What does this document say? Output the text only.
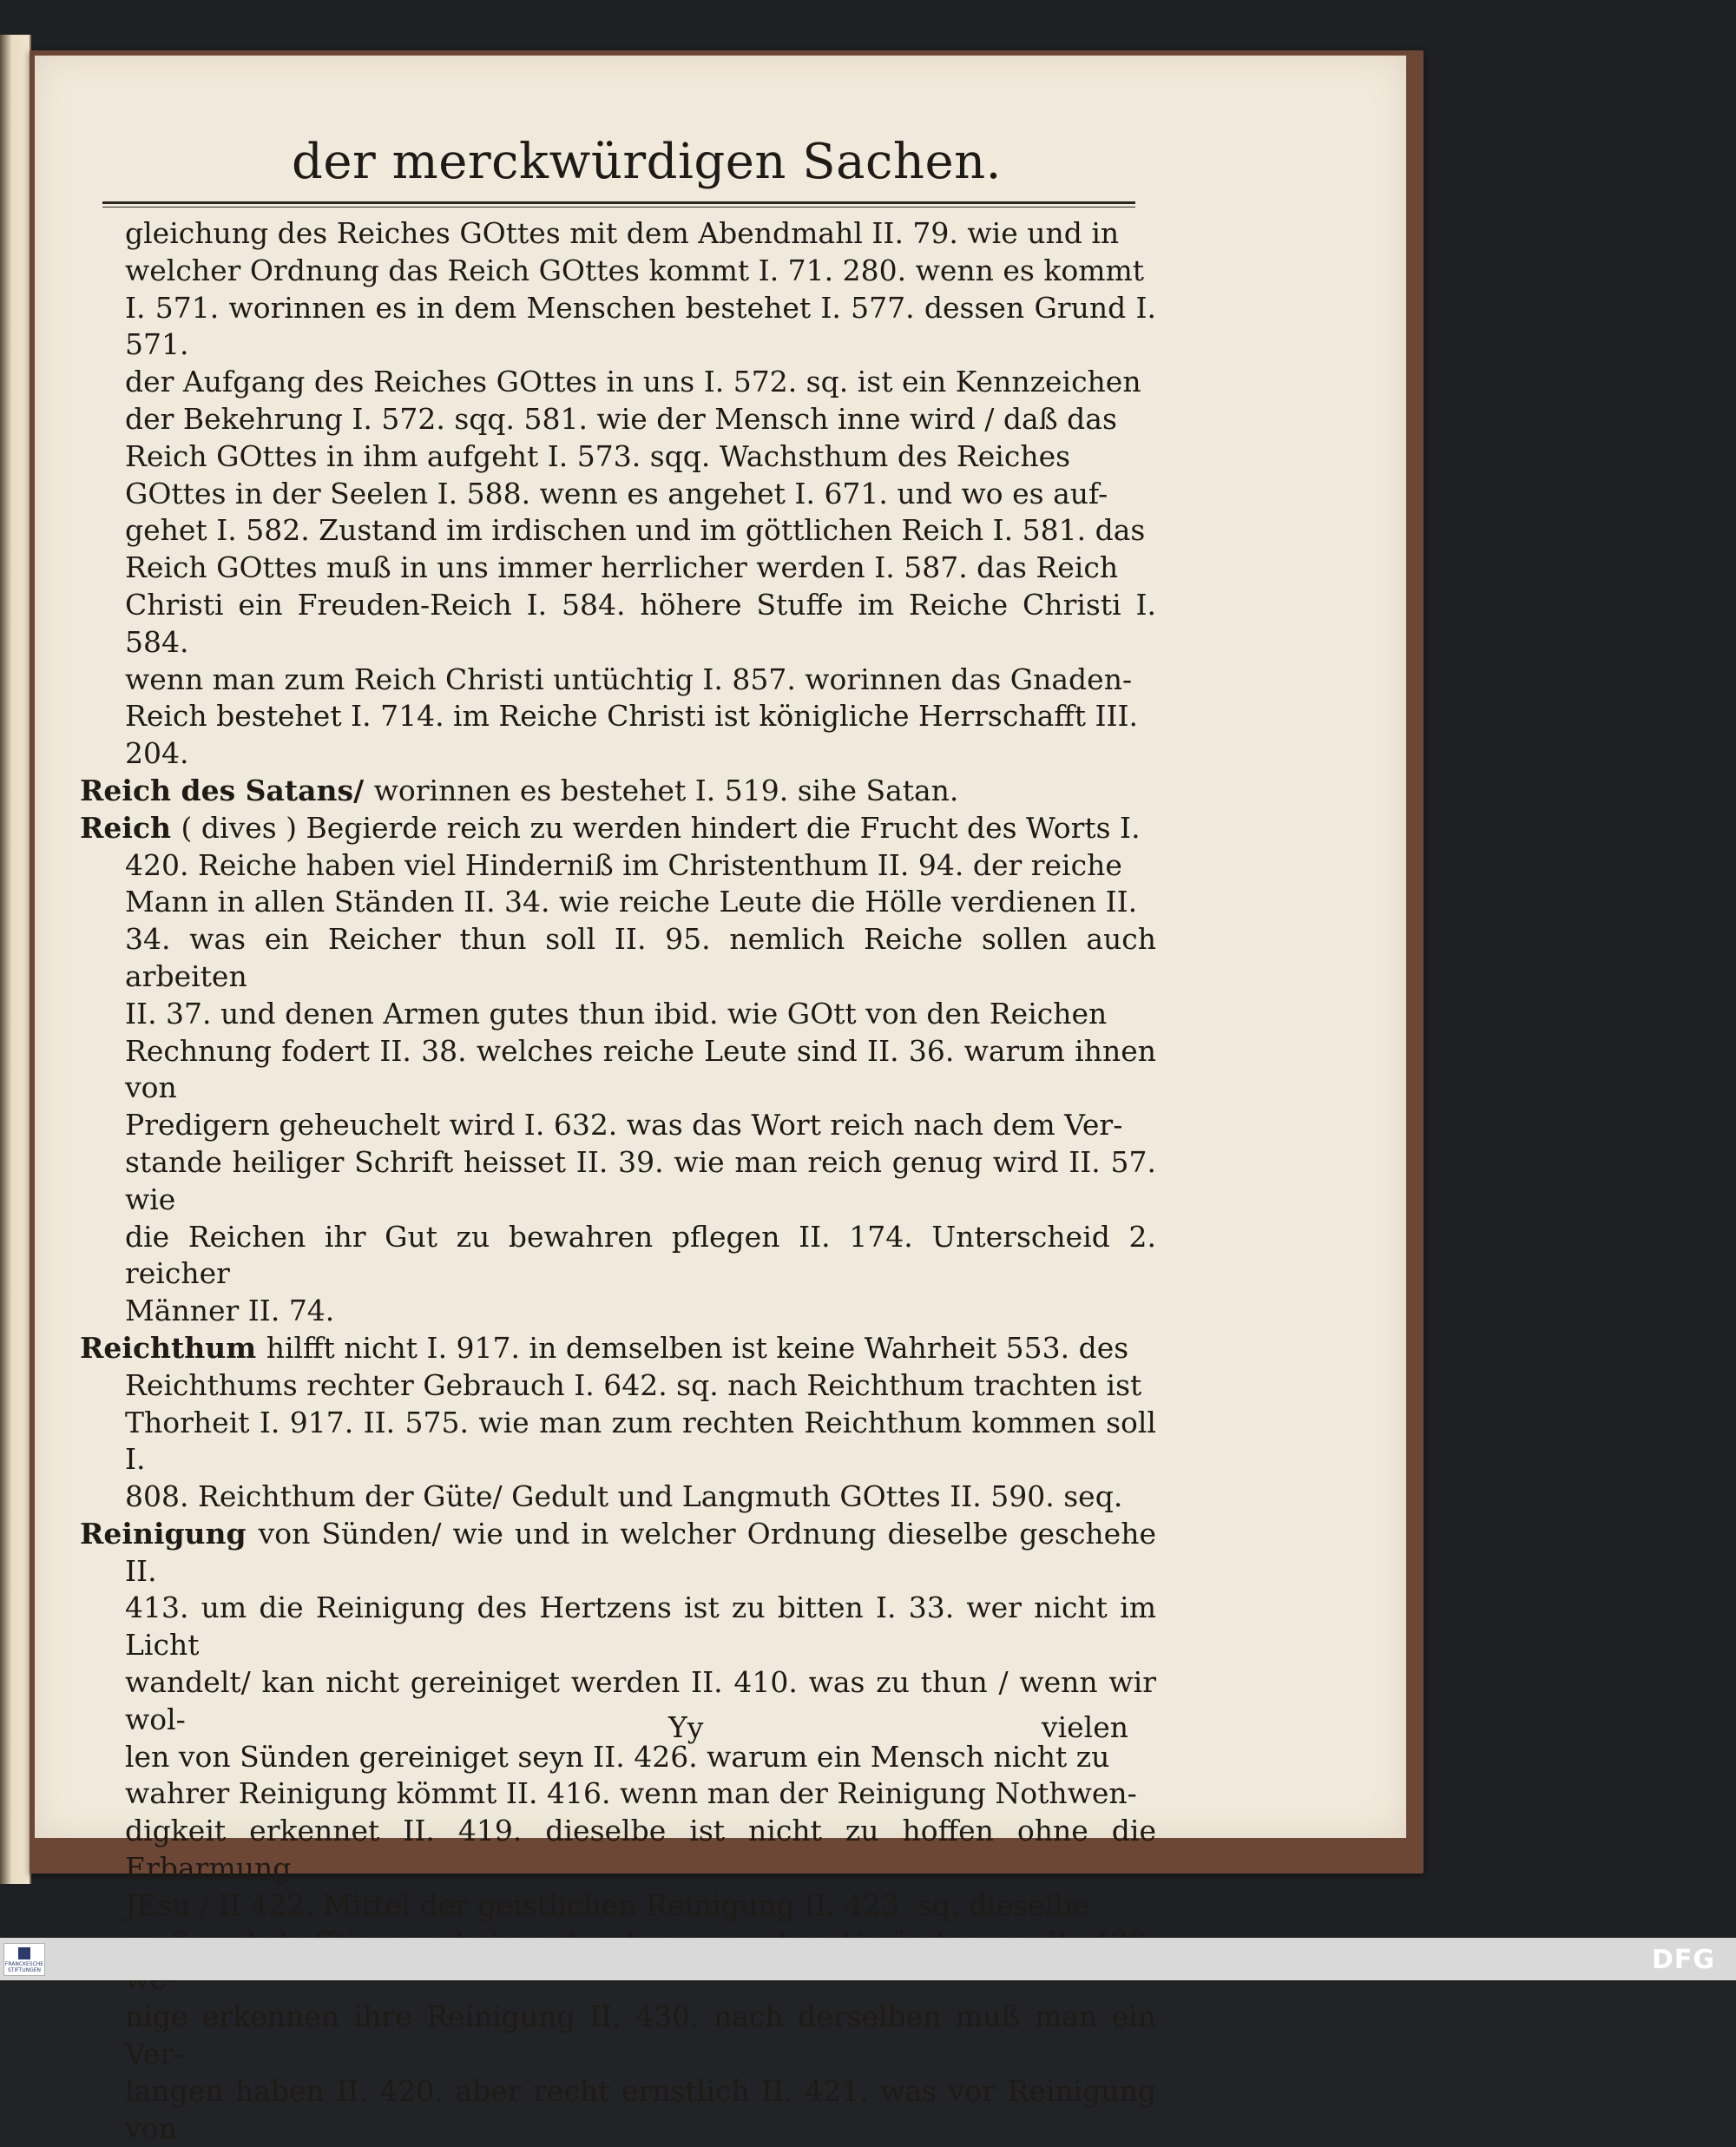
der merckwürdigen Sachen.
gleichung des Reiches GOttes mit dem Abendmahl II. 79. wie und in
welcher Ordnung das Reich GOttes kommt I. 71. 280. wenn es kommt
I. 571. worinnen es in dem Menschen bestehet I. 577. dessen Grund I. 571.
der Aufgang des Reiches GOttes in uns I. 572. sq. ist ein Kennzeichen
der Bekehrung I. 572. sqq. 581. wie der Mensch inne wird / daß das
Reich GOttes in ihm aufgeht I. 573. sqq. Wachsthum des Reiches
GOttes in der Seelen I. 588. wenn es angehet I. 671. und wo es auf-
gehet I. 582. Zustand im irdischen und im göttlichen Reich I. 581. das
Reich GOttes muß in uns immer herrlicher werden I. 587. das Reich
Christi ein Freuden-Reich I. 584. höhere Stuffe im Reiche Christi I. 584.
wenn man zum Reich Christi untüchtig I. 857. worinnen das Gnaden-
Reich bestehet I. 714. im Reiche Christi ist königliche Herrschafft III.
204.
Reich des Satans/ worinnen es bestehet I. 519. sihe Satan.
Reich ( dives ) Begierde reich zu werden hindert die Frucht des Worts I.
420. Reiche haben viel Hinderniß im Christenthum II. 94. der reiche
Mann in allen Ständen II. 34. wie reiche Leute die Hölle verdienen II.
34. was ein Reicher thun soll II. 95. nemlich Reiche sollen auch arbeiten
II. 37. und denen Armen gutes thun ibid. wie GOtt von den Reichen
Rechnung fodert II. 38. welches reiche Leute sind II. 36. warum ihnen von
Predigern geheuchelt wird I. 632. was das Wort reich nach dem Ver-
stande heiliger Schrift heisset II. 39. wie man reich genug wird II. 57. wie
die Reichen ihr Gut zu bewahren pflegen II. 174. Unterscheid 2. reicher
Männer II. 74.
Reichthum hilfft nicht I. 917. in demselben ist keine Wahrheit 553. des
Reichthums rechter Gebrauch I. 642. sq. nach Reichthum trachten ist
Thorheit I. 917. II. 575. wie man zum rechten Reichthum kommen soll I.
808. Reichthum der Güte/ Gedult und Langmuth GOttes II. 590. seq.
Reinigung von Sünden/ wie und in welcher Ordnung dieselbe geschehe II.
413. um die Reinigung des Hertzens ist zu bitten I. 33. wer nicht im Licht
wandelt/ kan nicht gereiniget werden II. 410. was zu thun / wenn wir wol-
len von Sünden gereiniget seyn II. 426. warum ein Mensch nicht zu
wahrer Reinigung kömmt II. 416. wenn man der Reinigung Nothwen-
digkeit erkennet II. 419. dieselbe ist nicht zu hoffen ohne die Erbarmung
JEsu / II 422. Mittel der geistlichen Reinigung II. 423. sq. dieselbe
nige erkennen ihre Reinigung II. 430. nach derselben muß man ein Ver-
langen haben II. 420. aber recht ernstlich II. 421. was vor Reinigung von
Yy	vielen
FRANCKESCHE STIFTUNGEN	DFG
